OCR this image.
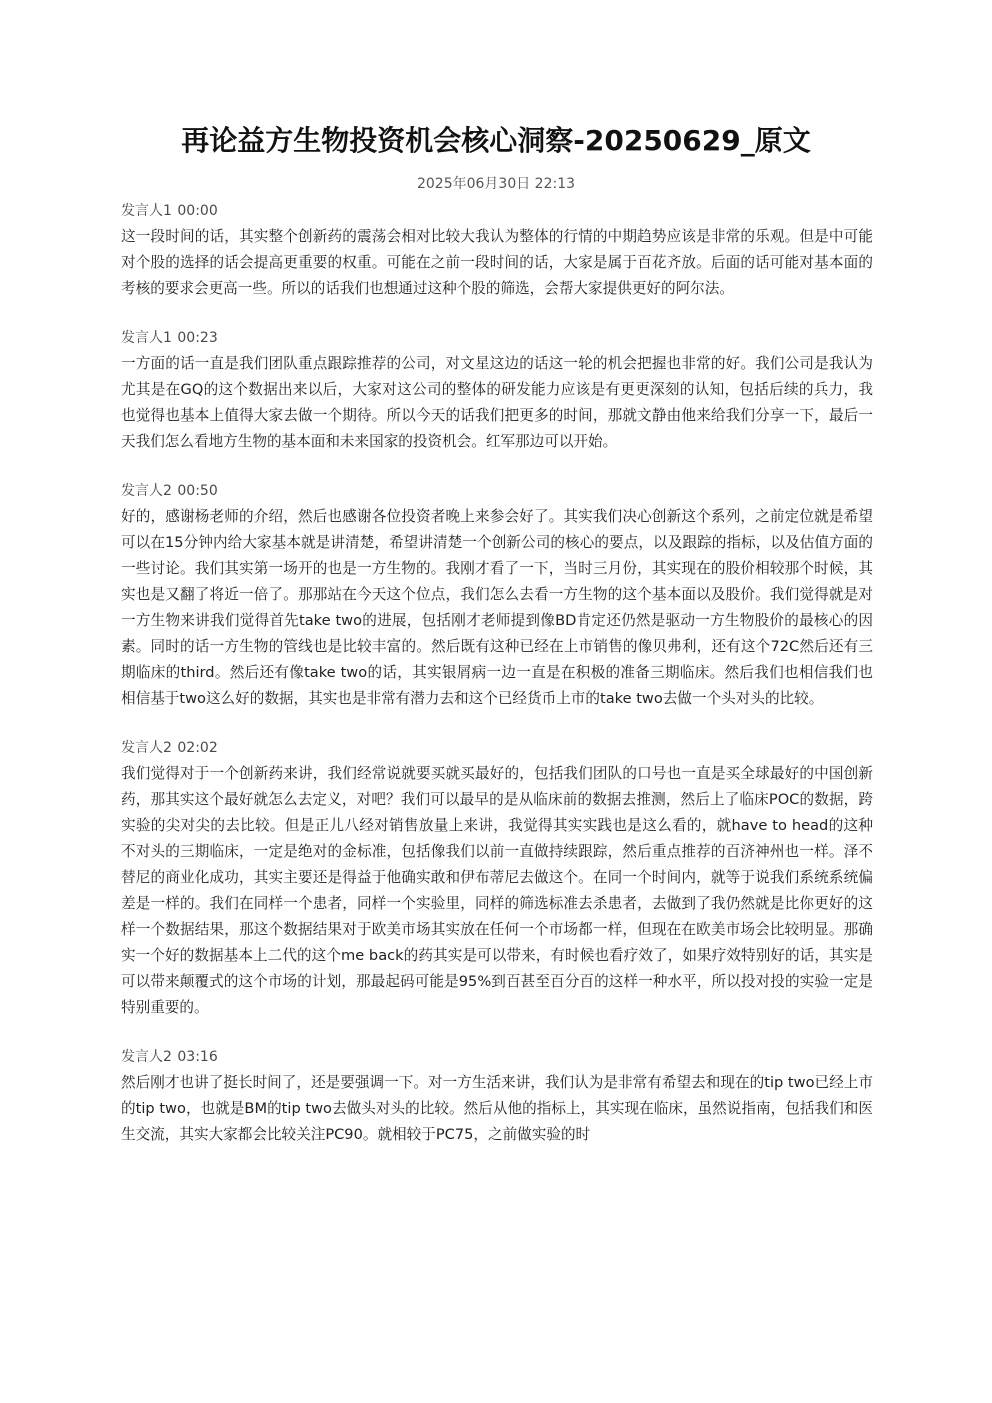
再论益方生物投资机会核心洞察-20250629_原文
2025年06月30日 22:13
发言人1 00:00

这一段时间的话，其实整个创新药的震荡会相对比较大我认为整体的行情的中期趋势应该是非常的乐观。但是中可能对个股的选择的话会提高更重要的权重。可能在之前一段时间的话，大家是属于百花齐放。后面的话可能对基本面的考核的要求会更高一些。所以的话我们也想通过这种个股的筛选，会帮大家提供更好的阿尔法。

发言人1 00:23

一方面的话一直是我们团队重点跟踪推荐的公司，对文星这边的话这一轮的机会把握也非常的好。我们公司是我认为尤其是在GQ的这个数据出来以后，大家对这公司的整体的研发能力应该是有更更深刻的认知，包括后续的兵力，我也觉得也基本上值得大家去做一个期待。所以今天的话我们把更多的时间，那就文静由他来给我们分享一下，最后一天我们怎么看地方生物的基本面和未来国家的投资机会。红军那边可以开始。

发言人2 00:50

好的，感谢杨老师的介绍，然后也感谢各位投资者晚上来参会好了。其实我们决心创新这个系列，之前定位就是希望可以在15分钟内给大家基本就是讲清楚，希望讲清楚一个创新公司的核心的要点，以及跟踪的指标，以及估值方面的一些讨论。我们其实第一场开的也是一方生物的。我刚才看了一下，当时三月份，其实现在的股价相较那个时候，其实也是又翻了将近一倍了。那那站在今天这个位点，我们怎么去看一方生物的这个基本面以及股价。我们觉得就是对一方生物来讲我们觉得首先take two的进展，包括刚才老师提到像BD肯定还仍然是驱动一方生物股价的最核心的因素。同时的话一方生物的管线也是比较丰富的。然后既有这种已经在上市销售的像贝弗利，还有这个72C然后还有三期临床的third。然后还有像take two的话，其实银屑病一边一直是在积极的准备三期临床。然后我们也相信我们也相信基于two这么好的数据，其实也是非常有潜力去和这个已经货币上市的take two去做一个头对头的比较。

发言人2 02:02

我们觉得对于一个创新药来讲，我们经常说就要买就买最好的，包括我们团队的口号也一直是买全球最好的中国创新药，那其实这个最好就怎么去定义，对吧？我们可以最早的是从临床前的数据去推测，然后上了临床POC的数据，跨实验的尖对尖的去比较。但是正儿八经对销售放量上来讲，我觉得其实实践也是这么看的，就have to head的这种不对头的三期临床，一定是绝对的金标准，包括像我们以前一直做持续跟踪，然后重点推荐的百济神州也一样。泽不替尼的商业化成功，其实主要还是得益于他确实敢和伊布蒂尼去做这个。在同一个时间内，就等于说我们系统系统偏差是一样的。我们在同样一个患者，同样一个实验里，同样的筛选标准去杀患者，去做到了我仍然就是比你更好的这样一个数据结果，那这个数据结果对于欧美市场其实放在任何一个市场都一样，但现在在欧美市场会比较明显。那确实一个好的数据基本上二代的这个me back的药其实是可以带来，有时候也看疗效了，如果疗效特别好的话，其实是可以带来颠覆式的这个市场的计划，那最起码可能是95%到百甚至百分百的这样一种水平，所以投对投的实验一定是特别重要的。

发言人2 03:16

然后刚才也讲了挺长时间了，还是要强调一下。对一方生活来讲，我们认为是非常有希望去和现在的tip two已经上市的tip two，也就是BM的tip two去做头对头的比较。然后从他的指标上，其实现在临床，虽然说指南，包括我们和医生交流，其实大家都会比较关注PC90。就相较于PC75，之前做实验的时
